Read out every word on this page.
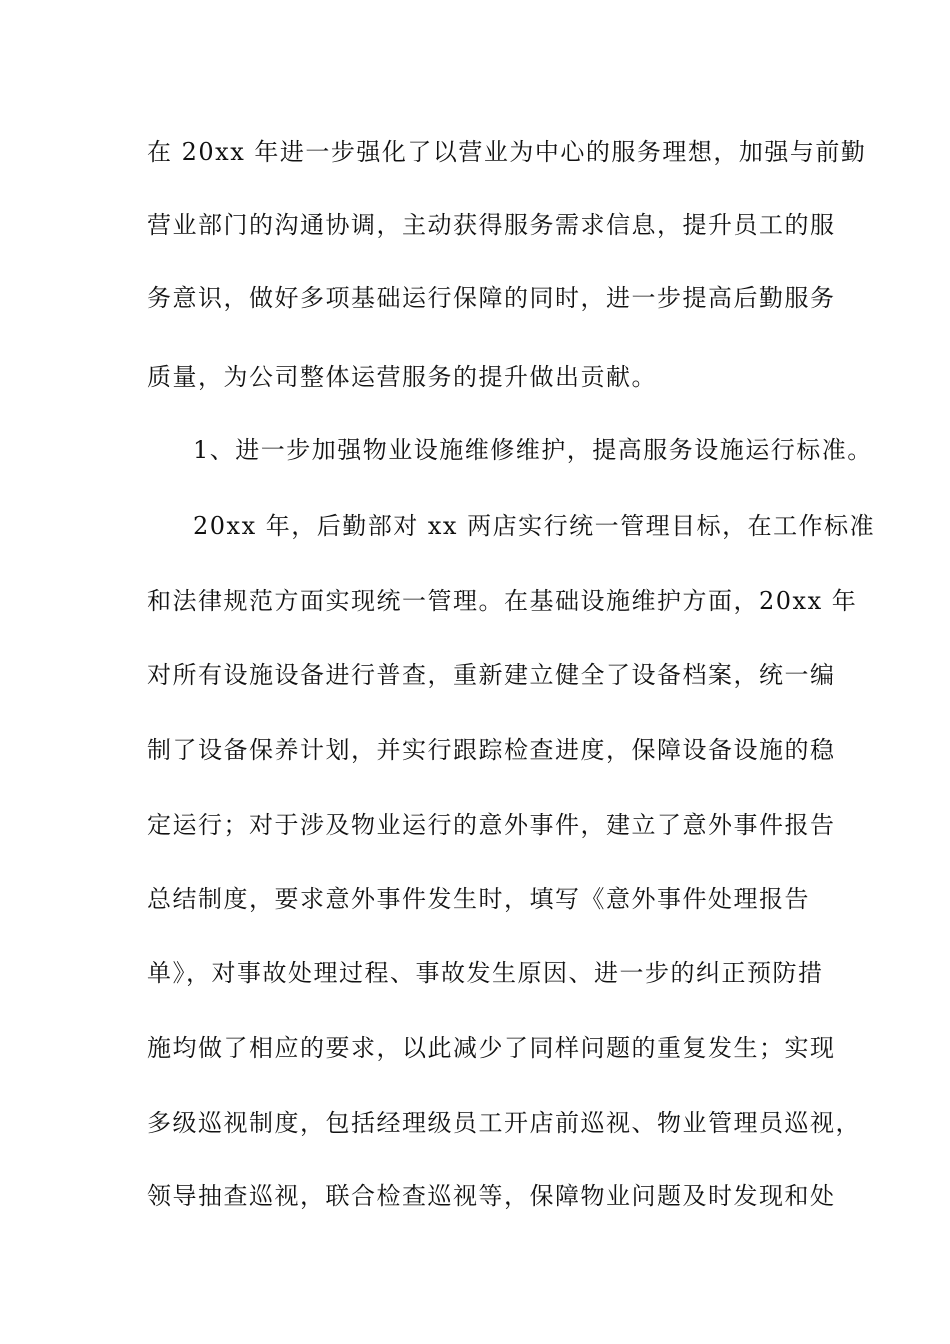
在 20xx 年进一步强化了以营业为中心的服务理想，加强与前勤
营业部门的沟通协调，主动获得服务需求信息，提升员工的服
务意识，做好多项基础运行保障的同时，进一步提高后勤服务
质量，为公司整体运营服务的提升做出贡献。
1、进一步加强物业设施维修维护，提高服务设施运行标准。
20xx 年，后勤部对 xx 两店实行统一管理目标，在工作标准
和法律规范方面实现统一管理。在基础设施维护方面，20xx 年
对所有设施设备进行普查，重新建立健全了设备档案，统一编
制了设备保养计划，并实行跟踪检查进度，保障设备设施的稳
定运行；对于涉及物业运行的意外事件，建立了意外事件报告
总结制度，要求意外事件发生时，填写《意外事件处理报告
单》，对事故处理过程、事故发生原因、进一步的纠正预防措
施均做了相应的要求，以此减少了同样问题的重复发生；实现
多级巡视制度，包括经理级员工开店前巡视、物业管理员巡视，
领导抽查巡视，联合检查巡视等，保障物业问题及时发现和处
